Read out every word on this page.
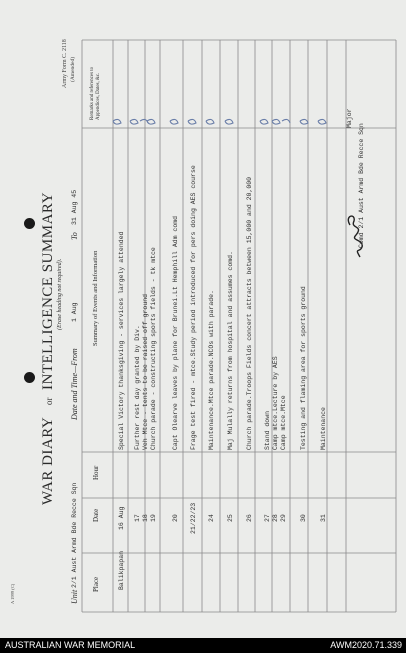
Army Form C. 2118 (Amended)
A 1999 (C)
WAR DIARY
or
INTELLIGENCE SUMMARY (Erase heading not required).
Unit
2/1 Aust Armd Bde Recce Sqn
Date and Time—From
1 Aug
To
31 Aug 45
Place
Date
Hour
Summary of Events and Information
Remarks and references to Appendices, Dates, &c.
Balikpapan
16 Aug
Special Victory thanksgiving - services largely attended
17
Further rest day granted by Div.
18
Veh Mtce - tents to be raised off ground
19
Church parade - constructing sports fields - tk mtce
20
Capt Olearve leaves by plane for Brunei.Lt Hemphill Adm comd
21/22/23
Frage test fired - mtce.Study period introduced for pers doing AES course
24
Maintenance.Mtce parade.NCOs with parade.
25
Maj Mulally returns from hospital and assumes comd.
26
Church parade.Troops Fields concert attracts between 15,000 and 20,000
27
Stand down
28
Camp mtce.Lecture by AES
29
Camp mtce.Mtce
30
Testing and flaming area for sports ground
31
Maintenance
Major
Comd 2/1 Aust Armd Bde Recce Sqn
AUSTRALIAN WAR MEMORIAL	AWM2020.71.339
